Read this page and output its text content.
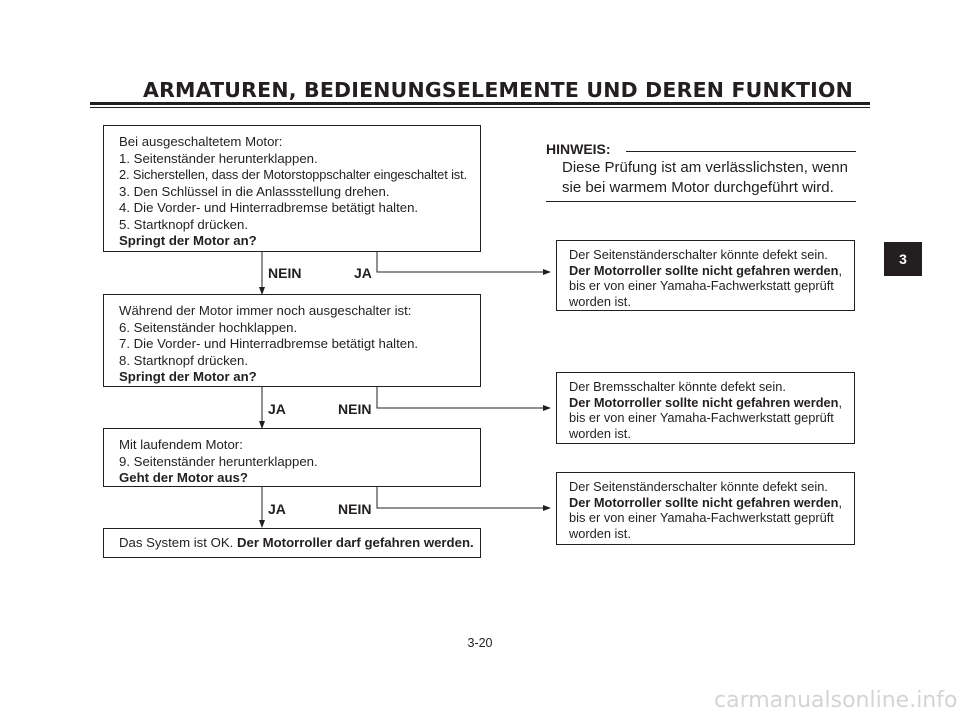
ARMATUREN, BEDIENUNGSELEMENTE UND DEREN FUNKTION
Bei ausgeschaltetem Motor:
1. Seitenständer herunterklappen.
2. Sicherstellen, dass der Motorstoppschalter eingeschaltet ist.
3. Den Schlüssel in die Anlassstellung drehen.
4. Die Vorder- und Hinterradbremse betätigt halten.
5. Startknopf drücken.
Springt der Motor an?
NEIN	JA
Während der Motor immer noch ausgeschalter ist:
6. Seitenständer hochklappen.
7. Die Vorder- und Hinterradbremse betätigt halten.
8. Startknopf drücken.
Springt der Motor an?
JA	NEIN
Mit laufendem Motor:
9. Seitenständer herunterklappen.
Geht der Motor aus?
JA	NEIN
Das System ist OK. Der Motorroller darf gefahren werden.
Der Seitenständerschalter könnte defekt sein.
Der Motorroller sollte nicht gefahren werden,
bis er von einer Yamaha-Fachwerkstatt geprüft
worden ist.
Der Bremsschalter könnte defekt sein.
Der Motorroller sollte nicht gefahren werden,
bis er von einer Yamaha-Fachwerkstatt geprüft
worden ist.
Der Seitenständerschalter könnte defekt sein.
Der Motorroller sollte nicht gefahren werden,
bis er von einer Yamaha-Fachwerkstatt geprüft
worden ist.
HINWEIS:
Diese Prüfung ist am verlässlichsten, wenn
sie bei warmem Motor durchgeführt wird.
3
3-20
carmanualsonline.info
